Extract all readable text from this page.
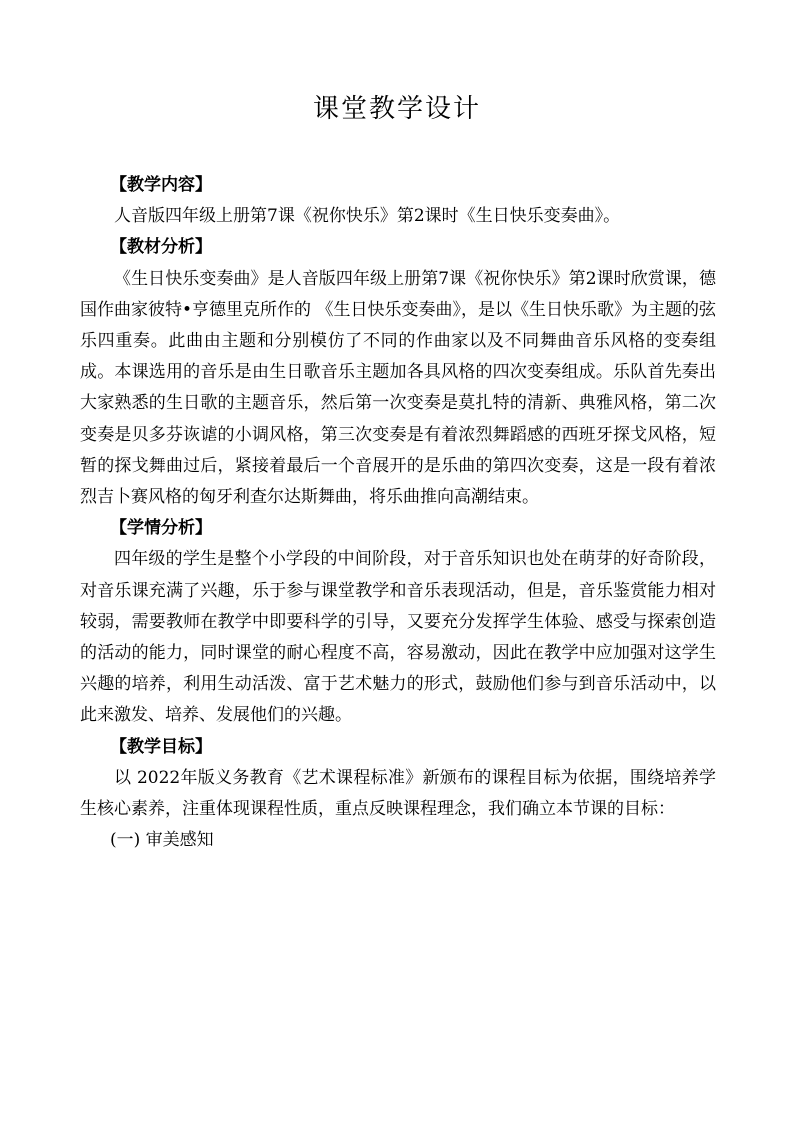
课堂教学设计

【教学内容】

人音版四年级上册第7课《祝你快乐》第2课时《生日快乐变奏曲》。

【教材分析】

《生日快乐变奏曲》是人音版四年级上册第7课《祝你快乐》第2课时欣赏课，德国作曲家彼特•亨德里克所作的 《生日快乐变奏曲》，是以《生日快乐歌》为主题的弦乐四重奏。此曲由主题和分别模仿了不同的作曲家以及不同舞曲音乐风格的变奏组成。本课选用的音乐是由生日歌音乐主题加各具风格的四次变奏组成。乐队首先奏出大家熟悉的生日歌的主题音乐，然后第一次变奏是莫扎特的清新、典雅风格，第二次变奏是贝多芬诙谑的小调风格，第三次变奏是有着浓烈舞蹈感的西班牙探戈风格，短暂的探戈舞曲过后，紧接着最后一个音展开的是乐曲的第四次变奏，这是一段有着浓烈吉卜赛风格的匈牙利查尔达斯舞曲，将乐曲推向高潮结束。

【学情分析】

四年级的学生是整个小学段的中间阶段，对于音乐知识也处在萌芽的好奇阶段，对音乐课充满了兴趣，乐于参与课堂教学和音乐表现活动，但是，音乐鉴赏能力相对较弱，需要教师在教学中即要科学的引导，又要充分发挥学生体验、感受与探索创造的活动的能力，同时课堂的耐心程度不高，容易激动，因此在教学中应加强对这学生兴趣的培养，利用生动活泼、富于艺术魅力的形式，鼓励他们参与到音乐活动中，以此来激发、培养、发展他们的兴趣。

【教学目标】

以 2022年版义务教育《艺术课程标准》新颁布的课程目标为依据，围绕培养学生核心素养，注重体现课程性质，重点反映课程理念，我们确立本节课的目标：

(一) 审美感知
